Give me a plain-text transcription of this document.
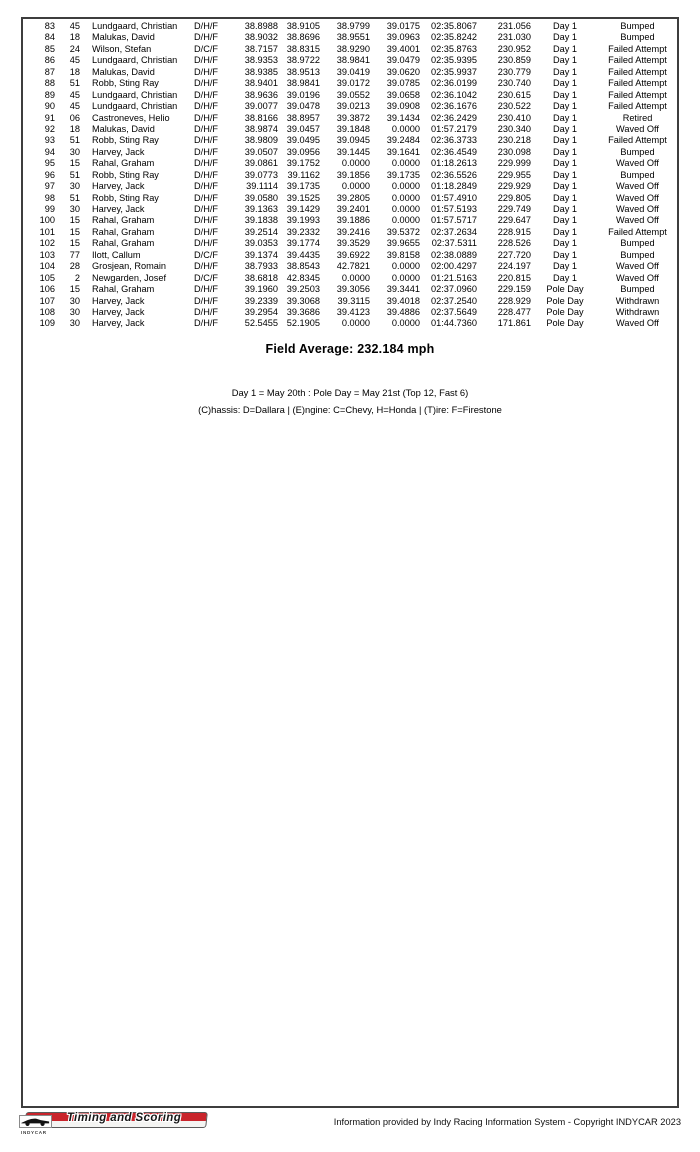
83	45	Lundgaard, Christian	D/H/F	38.8988 38.9105	38.9799	39.0175	02:35.8067	231.056	Day 1	Bumped
84	18	Malukas, David	D/H/F	38.9032 38.8696	38.9551	39.0963	02:35.8242	231.030	Day 1	Bumped
85	24	Wilson, Stefan	D/C/F	38.7157 38.8315	38.9290	39.4001	02:35.8763	230.952	Day 1	Failed Attempt
86	45	Lundgaard, Christian	D/H/F	38.9353 38.9722	38.9841	39.0479	02:35.9395	230.859	Day 1	Failed Attempt
87	18	Malukas, David	D/H/F	38.9385 38.9513	39.0419	39.0620	02:35.9937	230.779	Day 1	Failed Attempt
88	51	Robb, Sting Ray	D/H/F	38.9401 38.9841	39.0172	39.0785	02:36.0199	230.740	Day 1	Failed Attempt
89	45	Lundgaard, Christian	D/H/F	38.9636 39.0196	39.0552	39.0658	02:36.1042	230.615	Day 1	Failed Attempt
90	45	Lundgaard, Christian	D/H/F	39.0077 39.0478	39.0213	39.0908	02:36.1676	230.522	Day 1	Failed Attempt
91	06	Castroneves, Helio	D/H/F	38.8166 38.8957	39.3872	39.1434	02:36.2429	230.410	Day 1	Retired
92	18	Malukas, David	D/H/F	38.9874 39.0457	39.1848	0.0000	01:57.2179	230.340	Day 1	Waved Off
93	51	Robb, Sting Ray	D/H/F	38.9809 39.0495	39.0945	39.2484	02:36.3733	230.218	Day 1	Failed Attempt
94	30	Harvey, Jack	D/H/F	39.0507 39.0956	39.1445	39.1641	02:36.4549	230.098	Day 1	Bumped
95	15	Rahal, Graham	D/H/F	39.0861 39.1752	0.0000	0.0000	01:18.2613	229.999	Day 1	Waved Off
96	51	Robb, Sting Ray	D/H/F	39.0773	39.1162	39.1856	39.1735	02:36.5526	229.955	Day 1	Bumped
97	30	Harvey, Jack	D/H/F	39.1114 39.1735	0.0000	0.0000	01:18.2849	229.929	Day 1	Waved Off
98	51	Robb, Sting Ray	D/H/F	39.0580 39.1525	39.2805	0.0000	01:57.4910	229.805	Day 1	Waved Off
99	30	Harvey, Jack	D/H/F	39.1363 39.1429	39.2401	0.0000	01:57.5193	229.749	Day 1	Waved Off
100	15	Rahal, Graham	D/H/F	39.1838 39.1993	39.1886	0.0000	01:57.5717	229.647	Day 1	Waved Off
101	15	Rahal, Graham	D/H/F	39.2514 39.2332	39.2416	39.5372	02:37.2634	228.915	Day 1	Failed Attempt
102	15	Rahal, Graham	D/H/F	39.0353 39.1774	39.3529	39.9655	02:37.5311	228.526	Day 1	Bumped
103	77	Ilott, Callum	D/C/F	39.1374 39.4435	39.6922	39.8158	02:38.0889	227.720	Day 1	Bumped
104	28	Grosjean, Romain	D/H/F	38.7933 38.8543	42.7821	0.0000	02:00.4297	224.197	Day 1	Waved Off
105	2	Newgarden, Josef	D/C/F	38.6818 42.8345	0.0000	0.0000	01:21.5163	220.815	Day 1	Waved Off
106	15	Rahal, Graham	D/H/F	39.1960 39.2503	39.3056	39.3441	02:37.0960	229.159	Pole Day	Bumped
107	30	Harvey, Jack	D/H/F	39.2339 39.3068	39.3115	39.4018	02:37.2540	228.929	Pole Day	Withdrawn
108	30	Harvey, Jack	D/H/F	39.2954 39.3686	39.4123	39.4886	02:37.5649	228.477	Pole Day	Withdrawn
109	30	Harvey, Jack	D/H/F	52.5455 52.1905	0.0000	0.0000	01:44.7360	171.861	Pole Day	Waved Off
Field Average: 232.184 mph
Day 1 = May 20th : Pole Day = May 21st (Top 12, Fast 6)
(C)hassis: D=Dallara | (E)ngine: C=Chevy, H=Honda | (T)ire: F=Firestone
Timing and Scoring
INDYCAR
Information provided by Indy Racing Information System - Copyright INDYCAR 2023
